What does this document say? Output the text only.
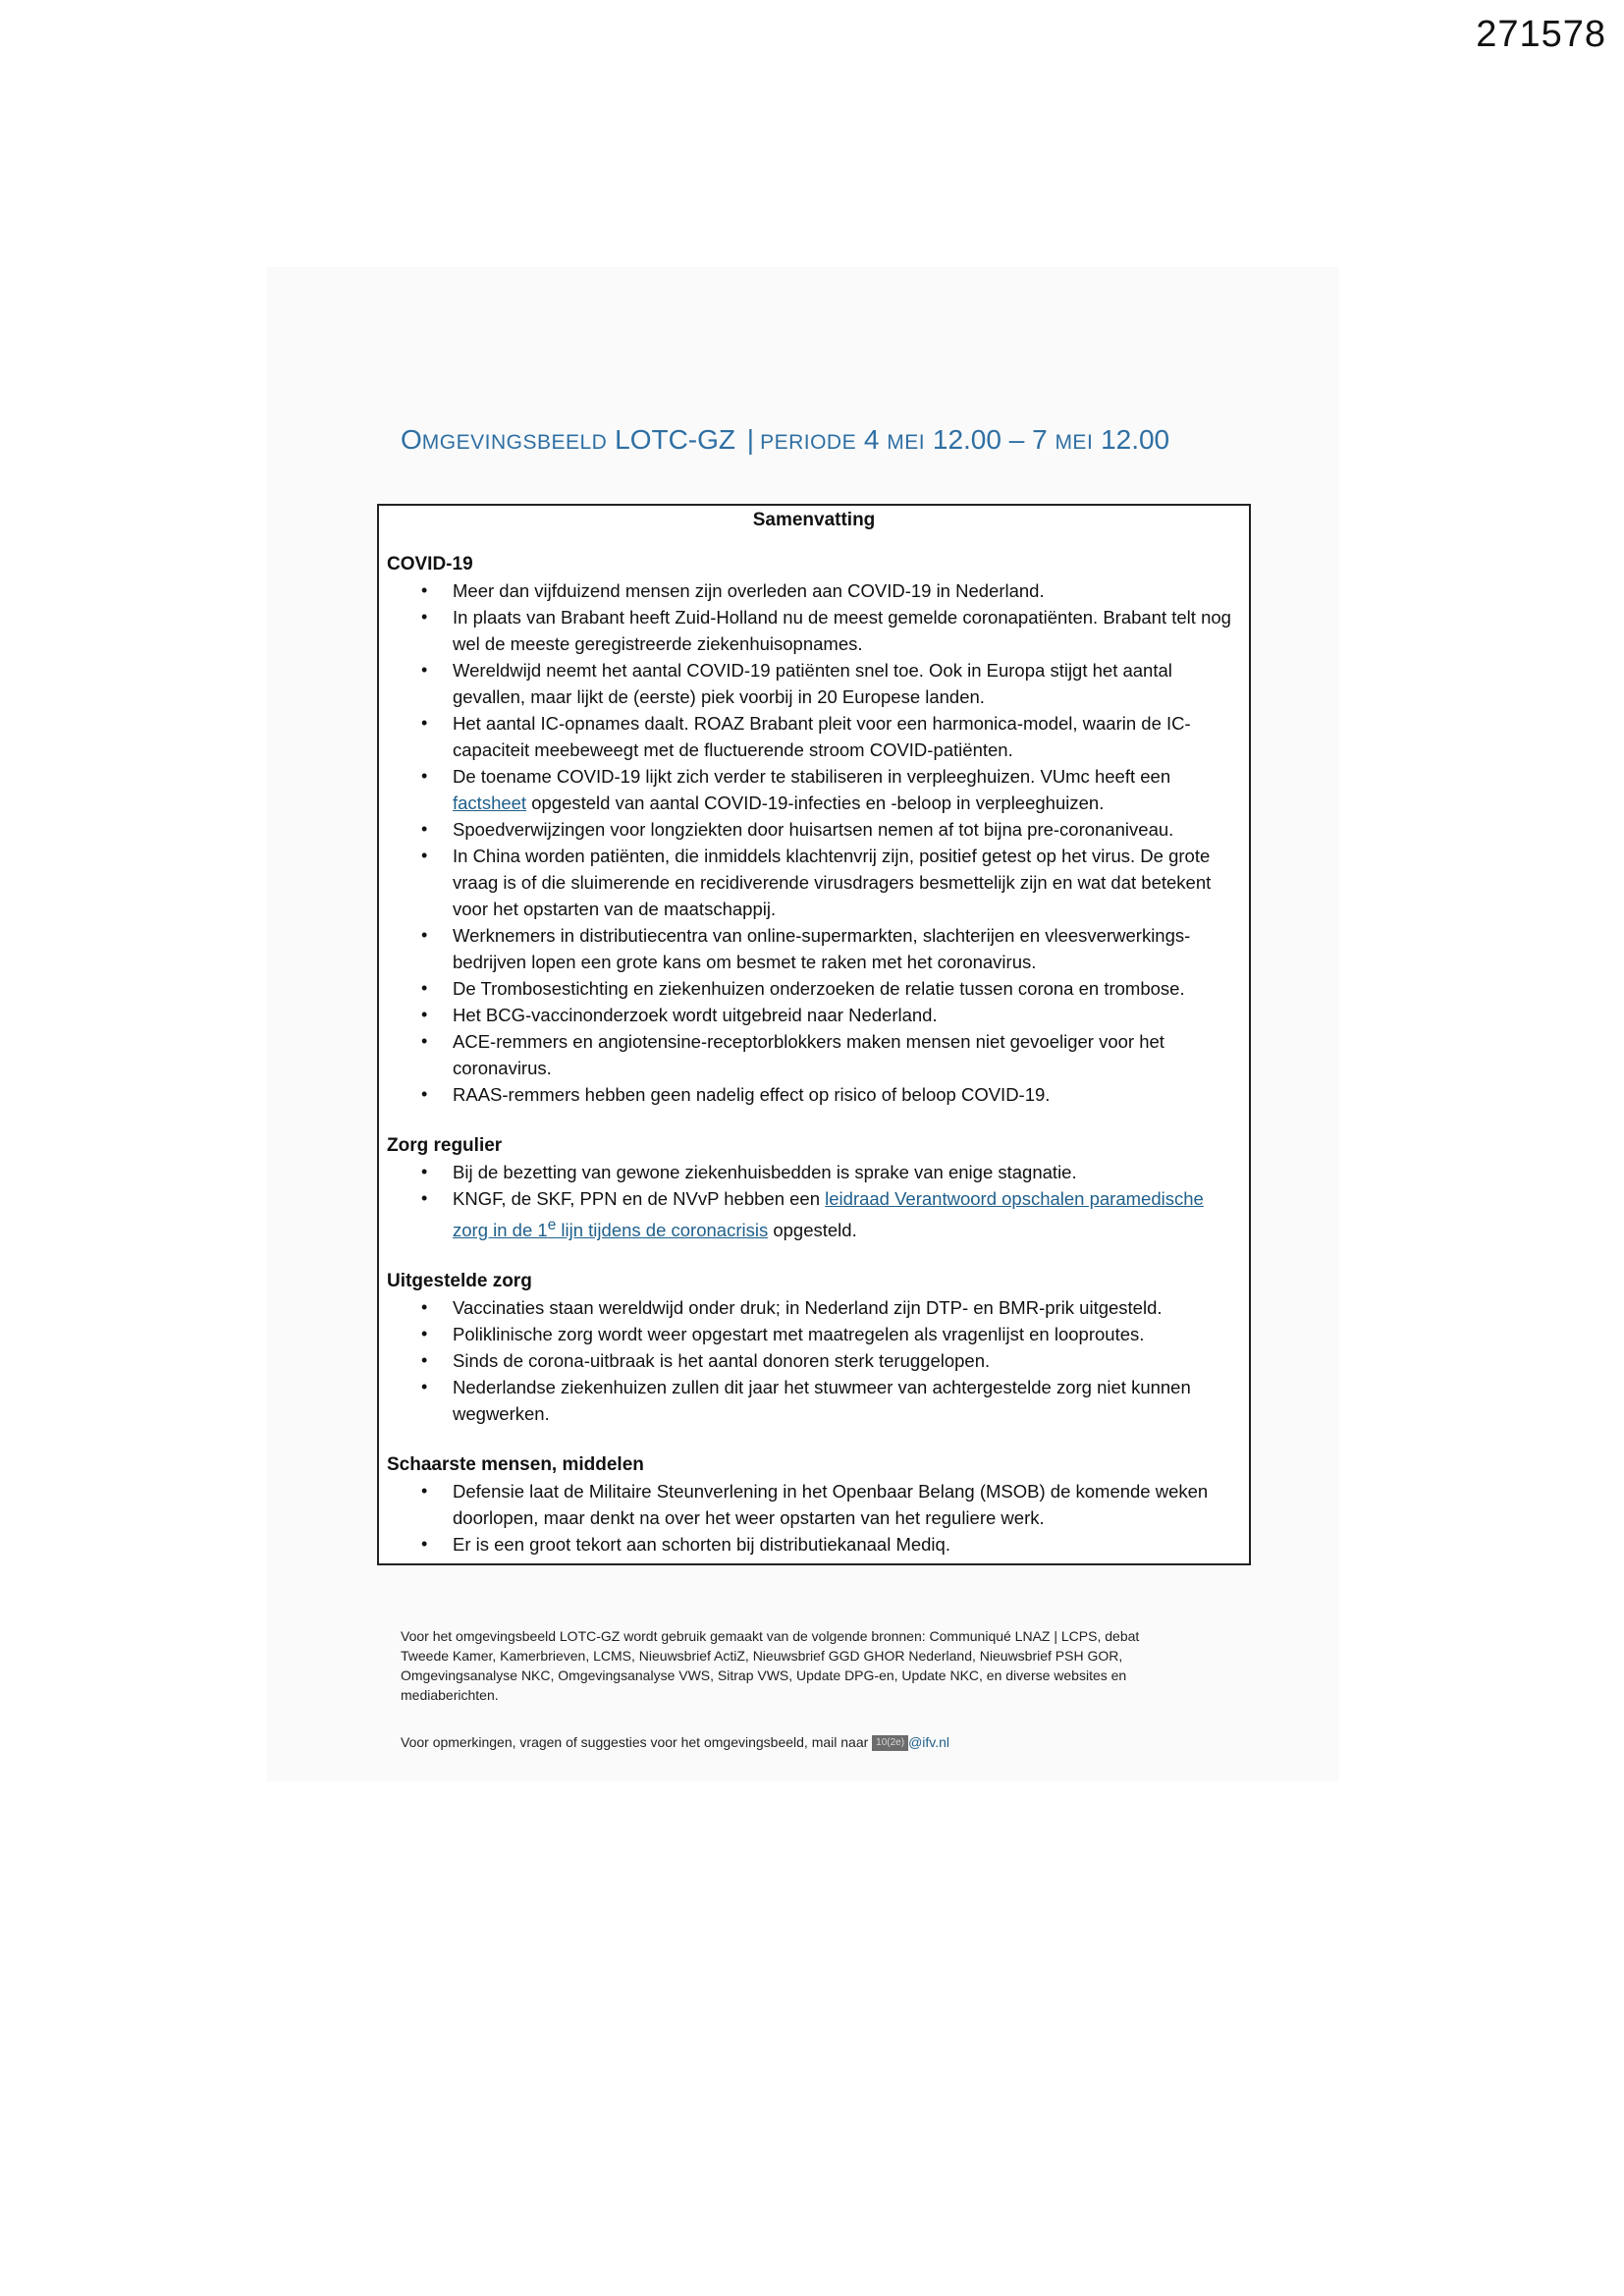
271578
OMGEVINGSBEELD LOTC-GZ | PERIODE 4 MEI 12.00 – 7 MEI 12.00
Samenvatting

COVID-19

• Meer dan vijfduizend mensen zijn overleden aan COVID-19 in Nederland.
• In plaats van Brabant heeft Zuid-Holland nu de meest gemelde coronapatiënten. Brabant telt nog wel de meeste geregistreerde ziekenhuisopnames.
• Wereldwijd neemt het aantal COVID-19 patiënten snel toe. Ook in Europa stijgt het aantal gevallen, maar lijkt de (eerste) piek voorbij in 20 Europese landen.
• Het aantal IC-opnames daalt. ROAZ Brabant pleit voor een harmonica-model, waarin de IC-capaciteit meebeweegt met de fluctuerende stroom COVID-patiënten.
• De toename COVID-19 lijkt zich verder te stabiliseren in verpleeghuizen. VUmc heeft een factsheet opgesteld van aantal COVID-19-infecties en -beloop in verpleeghuizen.
• Spoedverwijzingen voor longziekten door huisartsen nemen af tot bijna pre-coronaniveau.
• In China worden patiënten, die inmiddels klachtenvrij zijn, positief getest op het virus. De grote vraag is of die sluimerende en recidiverende virusdragers besmettelijk zijn en wat dat betekent voor het opstarten van de maatschappij.
• Werknemers in distributiecentra van online-supermarkten, slachterijen en vleesverwerkings-bedrijven lopen een grote kans om besmet te raken met het coronavirus.
• De Trombosestichting en ziekenhuizen onderzoeken de relatie tussen corona en trombose.
• Het BCG-vaccinonderzoek wordt uitgebreid naar Nederland.
• ACE-remmers en angiotensine-receptorblokkers maken mensen niet gevoeliger voor het coronavirus.
• RAAS-remmers hebben geen nadelig effect op risico of beloop COVID-19.

Zorg regulier

• Bij de bezetting van gewone ziekenhuisbedden is sprake van enige stagnatie.
• KNGF, de SKF, PPN en de NVvP hebben een leidraad Verantwoord opschalen paramedische zorg in de 1e lijn tijdens de coronacrisis opgesteld.

Uitgestelde zorg

• Vaccinaties staan wereldwijd onder druk; in Nederland zijn DTP- en BMR-prik uitgesteld.
• Poliklinische zorg wordt weer opgestart met maatregelen als vragenlijst en looproutes.
• Sinds de corona-uitbraak is het aantal donoren sterk teruggelopen.
• Nederlandse ziekenhuizen zullen dit jaar het stuwmeer van achtergestelde zorg niet kunnen wegwerken.

Schaarste mensen, middelen

• Defensie laat de Militaire Steunverlening in het Openbaar Belang (MSOB) de komende weken doorlopen, maar denkt na over het weer opstarten van het reguliere werk.
• Er is een groot tekort aan schorten bij distributiekanaal Mediq.
Voor het omgevingsbeeld LOTC-GZ wordt gebruik gemaakt van de volgende bronnen: Communiqué LNAZ | LCPS, debat Tweede Kamer, Kamerbrieven, LCMS, Nieuwsbrief ActiZ, Nieuwsbrief GGD GHOR Nederland, Nieuwsbrief PSH GOR, Omgevingsanalyse NKC, Omgevingsanalyse VWS, Sitrap VWS, Update DPG-en, Update NKC, en diverse websites en mediaberichten.
Voor opmerkingen, vragen of suggesties voor het omgevingsbeeld, mail naar 10(2e) @ifv.nl
